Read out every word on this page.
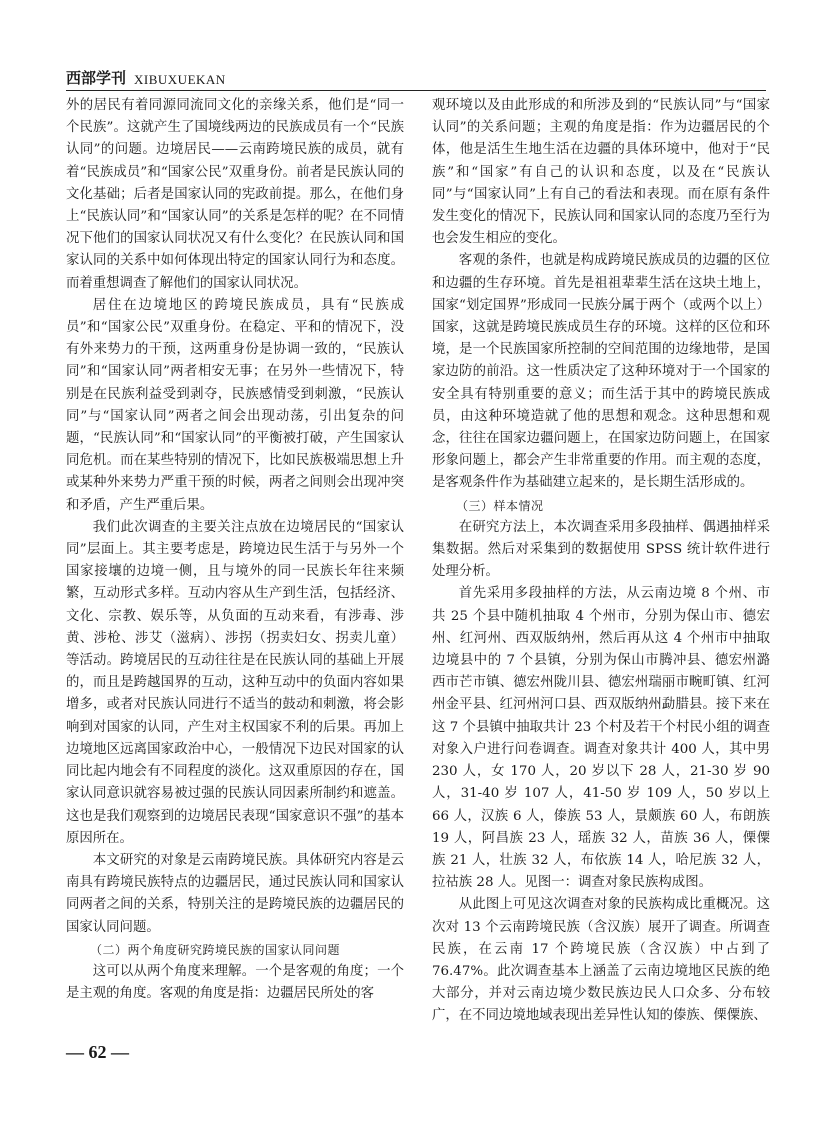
西部学刊 XIBUXUEKAN

外的居民有着同源同流同文化的亲缘关系，他们是“同一个民族”。这就产生了国境线两边的民族成员有一个“民族认同”的问题。边境居民——云南跨境民族的成员，就有着“民族成员”和“国家公民”双重身份。前者是民族认同的文化基础；后者是国家认同的宪政前提。那么，在他们身上“民族认同”和“国家认同”的关系是怎样的呢？在不同情况下他们的国家认同状况又有什么变化？在民族认同和国家认同的关系中如何体现出特定的国家认同行为和态度。而着重想调查了解他们的国家认同状况。

居住在边境地区的跨境民族成员，具有“民族成员”和“国家公民”双重身份。在稳定、平和的情况下，没有外来势力的干预，这两重身份是协调一致的，“民族认同”和“国家认同”两者相安无事；在另外一些情况下，特别是在民族利益受到剥夺，民族感情受到刺激，“民族认同”与“国家认同”两者之间会出现动荡，引出复杂的问题，“民族认同”和“国家认同”的平衡被打破，产生国家认同危机。而在某些特别的情况下，比如民族极端思想上升或某种外来势力严重干预的时候，两者之间则会出现冲突和矛盾，产生严重后果。

我们此次调查的主要关注点放在边境居民的“国家认同”层面上。其主要考虑是，跨境边民生活于与另外一个国家接壤的边境一侧，且与境外的同一民族长年往来频繁，互动形式多样。互动内容从生产到生活，包括经济、文化、宗教、娱乐等，从负面的互动来看，有涉毒、涉黄、涉枪、涉艾（滋病）、涉拐（拐卖妇女、拐卖儿童）等活动。跨境居民的互动往往是在民族认同的基础上开展的，而且是跨越国界的互动，这种互动中的负面内容如果增多，或者对民族认同进行不适当的鼓动和刺激，将会影响到对国家的认同，产生对主权国家不利的后果。再加上边境地区远离国家政治中心，一般情况下边民对国家的认同比起内地会有不同程度的淡化。这双重原因的存在，国家认同意识就容易被过强的民族认同因素所制约和遮盖。这也是我们观察到的边境居民表现“国家意识不强”的基本原因所在。

本文研究的对象是云南跨境民族。具体研究内容是云南具有跨境民族特点的边疆居民，通过民族认同和国家认同两者之间的关系，特别关注的是跨境民族的边疆居民的国家认同问题。

（二）两个角度研究跨境民族的国家认同问题

这可以从两个角度来理解。一个是客观的角度；一个是主观的角度。客观的角度是指：边疆居民所处的客

观环境以及由此形成的和所涉及到的“民族认同”与“国家认同”的关系问题；主观的角度是指：作为边疆居民的个体，他是活生生地生活在边疆的具体环境中，他对于“民族”和“国家”有自己的认识和态度，以及在“民族认同”与“国家认同”上有自己的看法和表现。而在原有条件发生变化的情况下，民族认同和国家认同的态度乃至行为也会发生相应的变化。

客观的条件，也就是构成跨境民族成员的边疆的区位和边疆的生存环境。首先是祖祖辈辈生活在这块土地上，国家“划定国界”形成同一民族分属于两个（或两个以上）国家，这就是跨境民族成员生存的环境。这样的区位和环境，是一个民族国家所控制的空间范围的边缘地带，是国家边防的前沿。这一性质决定了这种环境对于一个国家的安全具有特别重要的意义；而生活于其中的跨境民族成员，由这种环境造就了他的思想和观念。这种思想和观念，往往在国家边疆问题上，在国家边防问题上，在国家形象问题上，都会产生非常重要的作用。而主观的态度，是客观条件作为基础建立起来的，是长期生活形成的。

（三）样本情况

在研究方法上，本次调查采用多段抽样、偶遇抽样采集数据。然后对采集到的数据使用 SPSS 统计软件进行处理分析。

首先采用多段抽样的方法，从云南边境 8 个州、市共 25 个县中随机抽取 4 个州市，分别为保山市、德宏州、红河州、西双版纳州，然后再从这 4 个州市中抽取边境县中的 7 个县镇，分别为保山市腾冲县、德宏州潞西市芒市镇、德宏州陇川县、德宏州瑞丽市畹町镇、红河州金平县、红河州河口县、西双版纳州勐腊县。接下来在这 7 个县镇中抽取共计 23 个村及若干个村民小组的调查对象入户进行问卷调查。调查对象共计 400 人，其中男 230 人，女 170 人，20 岁以下 28 人，21-30 岁 90 人，31-40 岁 107 人，41-50 岁 109 人，50 岁以上 66 人，汉族 6 人，傣族 53 人，景颇族 60 人，布朗族 19 人，阿昌族 23 人，瑶族 32 人，苗族 36 人，傈僳族 21 人，壮族 32 人，布依族 14 人，哈尼族 32 人，拉祜族 28 人。见图一：调查对象民族构成图。

从此图上可见这次调查对象的民族构成比重概况。这次对 13 个云南跨境民族（含汉族）展开了调查。所调查民族，在云南 17 个跨境民族（含汉族）中占到了 76.47%。此次调查基本上涵盖了云南边境地区民族的绝大部分，并对云南边境少数民族边民人口众多、分布较广，在不同边境地域表现出差异性认知的傣族、傈僳族、

— 62 —
